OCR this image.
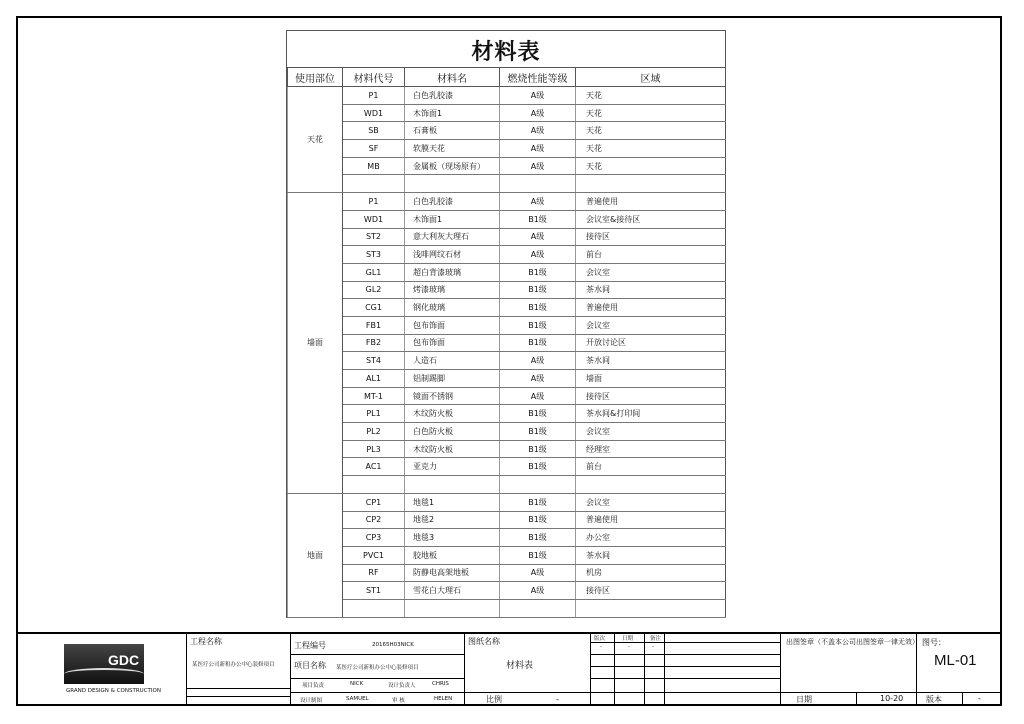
材料表
使用部位	材料代号	材料名	燃烧性能等级	区域
天花	P1	白色乳胶漆	A级	天花
	WD1	木饰面1	A级	天花
	SB	石膏板	A级	天花
	SF	软膜天花	A级	天花
	MB	金属板（现场原有）	A级	天花

墙面	P1	白色乳胶漆	A级	普遍使用
	WD1	木饰面1	B1级	会议室&接待区
	ST2	意大利灰大理石	A级	接待区
	ST3	浅啡网纹石材	A级	前台
	GL1	超白背漆玻璃	B1级	会议室
	GL2	烤漆玻璃	B1级	茶水间
	CG1	钢化玻璃	B1级	普遍使用
	FB1	包布饰面	B1级	会议室
	FB2	包布饰面	B1级	开放讨论区
	ST4	人造石	A级	茶水间
	AL1	铝制踢脚	A级	墙面
	MT-1	镜面不锈钢	A级	接待区
	PL1	木纹防火板	B1级	茶水间&打印间
	PL2	白色防火板	B1级	会议室
	PL3	木纹防火板	B1级	经理室
	AC1	亚克力	B1级	前台

地面	CP1	地毯1	B1级	会议室
	CP2	地毯2	B1级	普遍使用
	CP3	地毯3	B1级	办公室
	PVC1	胶地板	B1级	茶水间
	RF	防静电高架地板	A级	机房
	ST1	雪花白大理石	A级	接待区

GDC
GRAND DESIGN & CONSTRUCTION
工程名称
某医疗公司新租办公中心装修项目
工程编号	20165H03NICK
项目名称 某医疗公司新租办公中心装修项目
项目负责	NICK	设计负责人	CHRIS
设计制图	SAMUEL	审 核	HELEN
图纸名称
材料表
比例	-
版次	日期	备注
-	-	-
出图签章（不盖本公司出图签章一律无效）
日期	10-20
图号：
ML-01
版本	-
